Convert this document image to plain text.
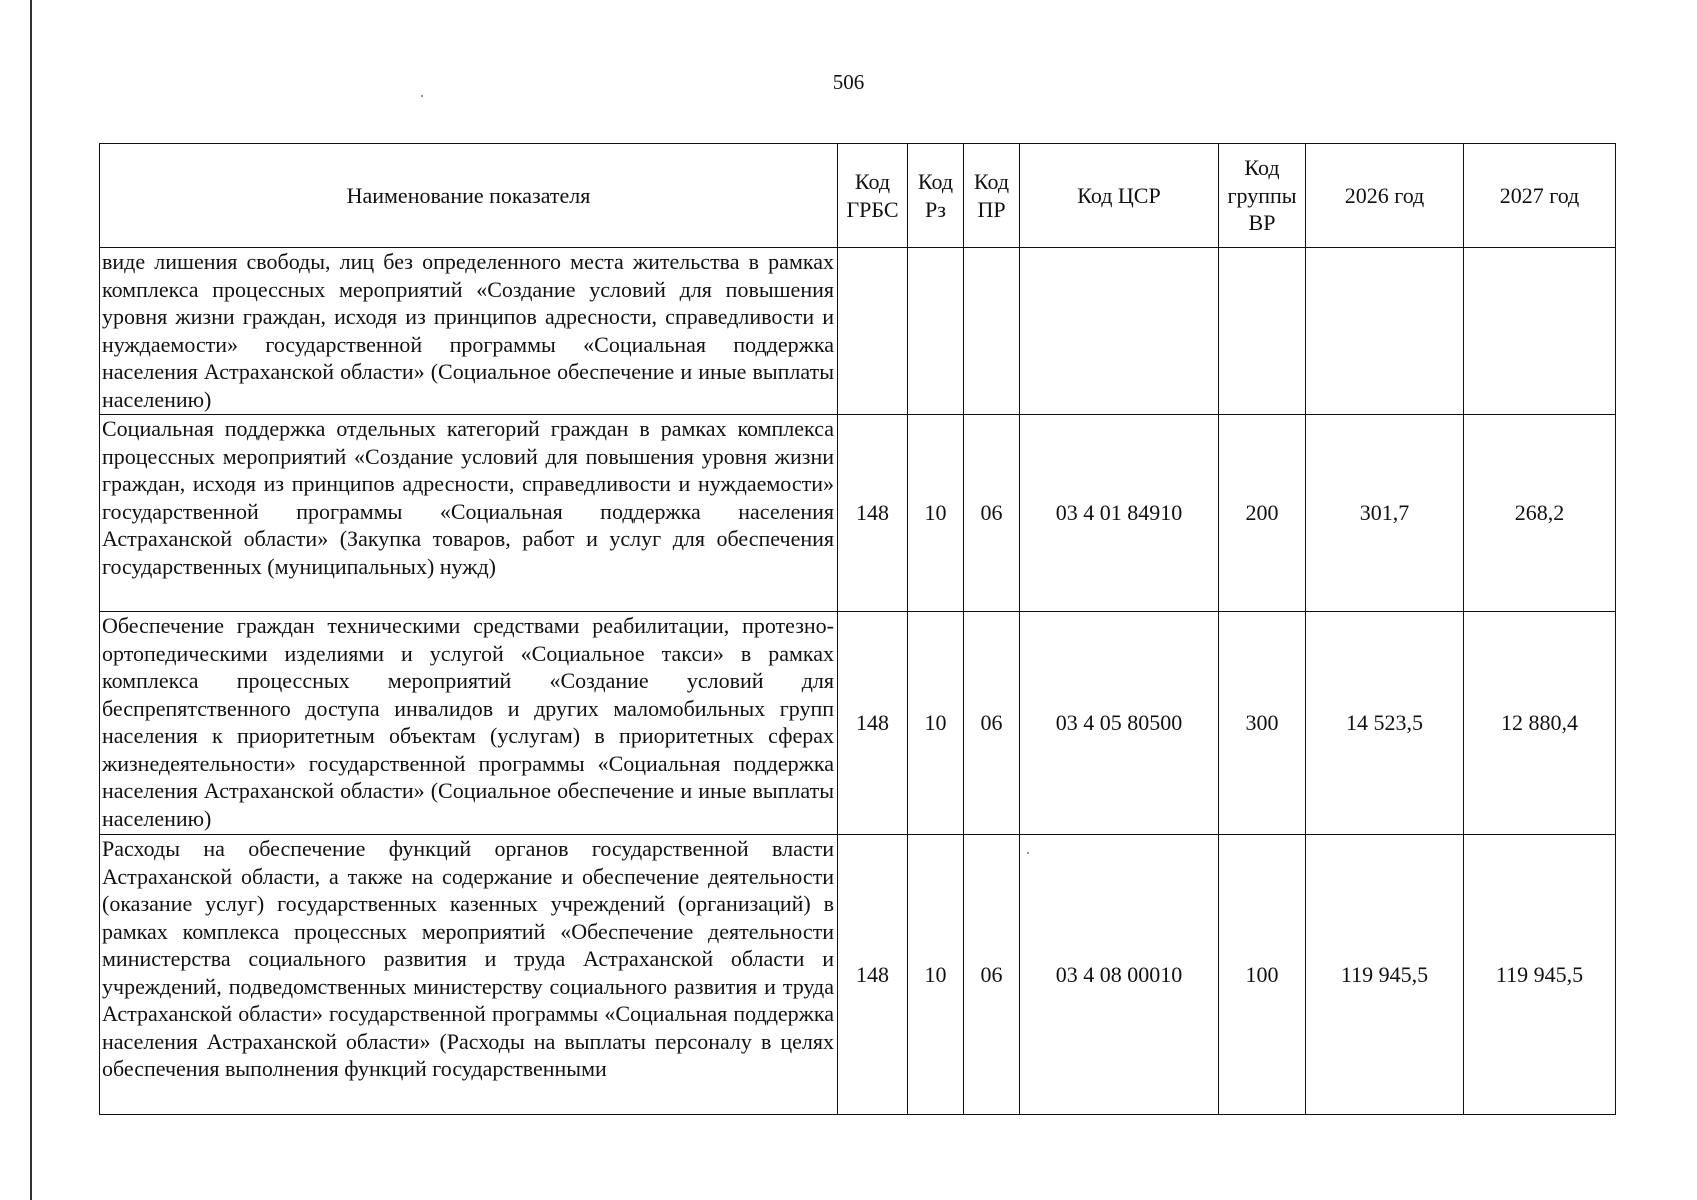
506
Наименование показателя	Код ГРБС	Код Рз	Код ПР	Код ЦСР	Код группы ВР	2026 год	2027 год
виде лишения свободы, лиц без определенного места жительства в рамках комплекса процессных мероприятий «Создание условий для повышения уровня жизни граждан, исходя из принципов адресности, справедливости и нуждаемости» государственной программы «Социальная поддержка населения Астраханской области» (Социальное обеспечение и иные выплаты населению)							
Социальная поддержка отдельных категорий граждан в рамках комплекса процессных мероприятий «Создание условий для повышения уровня жизни граждан, исходя из принципов адресности, справедливости и нуждаемости» государственной программы «Социальная поддержка населения Астраханской области» (Закупка товаров, работ и услуг для обеспечения государственных (муниципальных) нужд)	148	10	06	03 4 01 84910	200	301,7	268,2
Обеспечение граждан техническими средствами реабилитации, протезно-ортопедическими изделиями и услугой «Социальное такси» в рамках комплекса процессных мероприятий «Создание условий для беспрепятственного доступа инвалидов и других маломобильных групп населения к приоритетным объектам (услугам) в приоритетных сферах жизнедеятельности» государственной программы «Социальная поддержка населения Астраханской области» (Социальное обеспечение и иные выплаты населению)	148	10	06	03 4 05 80500	300	14 523,5	12 880,4
Расходы на обеспечение функций органов государственной власти Астраханской области, а также на содержание и обеспечение деятельности (оказание услуг) государственных казенных учреждений (организаций) в рамках комплекса процессных мероприятий «Обеспечение деятельности министерства социального развития и труда Астраханской области и учреждений, подведомственных министерству социального развития и труда Астраханской области» государственной программы «Социальная поддержка населения Астраханской области» (Расходы на выплаты персоналу в целях обеспечения выполнения функций государственными	148	10	06	03 4 08 00010	100	119 945,5	119 945,5
